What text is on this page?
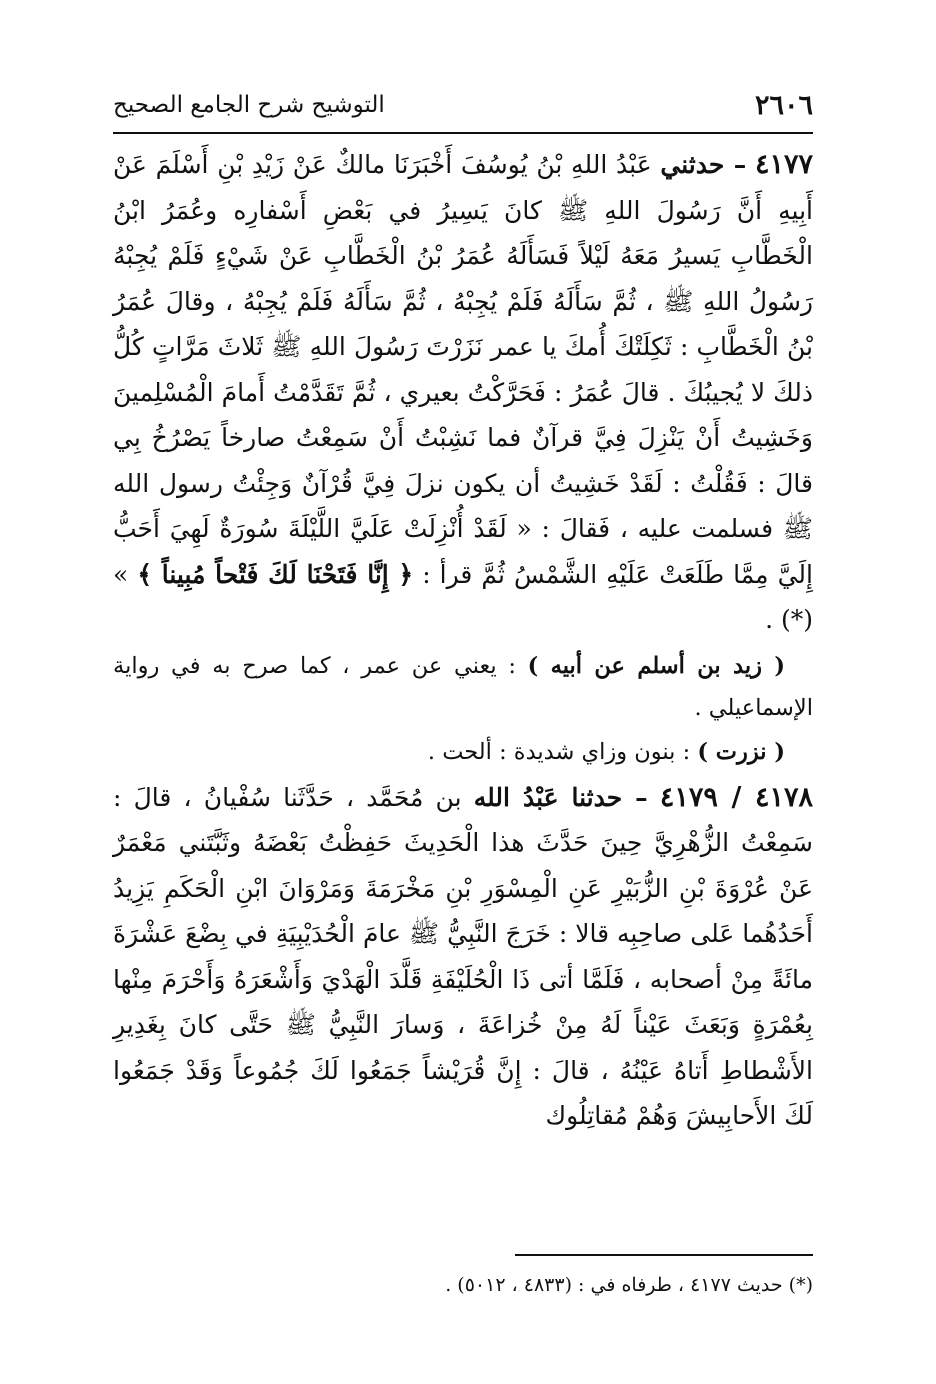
٢٦٠٦
التوشيح شرح الجامع الصحيح

٤١٧٧ – حدثني عَبْدُ اللهِ بْنُ يُوسُفَ أَخْبَرَنَا مالكٌ عَنْ زَيْدِ بْنِ أَسْلَمَ عَنْ أَبِيهِ أَنَّ رَسُولَ اللهِ ﷺ كانَ يَسِيرُ في بَعْضِ أَسْفارِه وعُمَرُ ابْنُ الْخَطَّابِ يَسيرُ مَعَهُ لَيْلاً فَسَأَلَهُ عُمَرُ بْنُ الْخَطَّابِ عَنْ شَيْءٍ فَلَمْ يُجِبْهُ رَسُولُ اللهِ ﷺ ، ثُمَّ سَأَلَهُ فَلَمْ يُجِبْهُ ، ثُمَّ سَأَلَهُ فَلَمْ يُجِبْهُ ، وقالَ عُمَرُ بْنُ الْخَطَّابِ : ثَكِلَتْكَ أُمكَ يا عمر نَزَرْتَ رَسُولَ اللهِ ﷺ ثَلاثَ مَرَّاتٍ كُلُّ ذلكَ لا يُجيبُكَ . قالَ عُمَرُ : فَحَرَّكْتُ بعيري ، ثُمَّ تَقَدَّمْتُ أَمامَ الْمُسْلِمينَ وَخَشِيتُ أَنْ يَنْزِلَ فِيَّ قرآنٌ فما نَشِبْتُ أَنْ سَمِعْتُ صارخاً يَصْرُخُ بِي قالَ : فَقُلْتُ : لَقَدْ خَشِيتُ أن يكون نزلَ فِيَّ قُرْآنٌ وَجِئْتُ رسول الله ﷺ فسلمت عليه ، فَقالَ : « لَقَدْ أُنْزِلَتْ عَلَيَّ اللَّيْلَةَ سُورَةٌ لَهِيَ أَحَبُّ إِلَيَّ مِمَّا طَلَعَتْ عَلَيْهِ الشَّمْسُ ثُمَّ قرأ : ﴿ إِنَّا فَتَحْنَا لَكَ فَتْحاً مُبِيناً ﴾ » (*) .

( زيد بن أسلم عن أبيه ) : يعني عن عمر ، كما صرح به في رواية الإسماعيلي .

( نزرت ) : بنون وزاي شديدة : ألحت .

٤١٧٨ / ٤١٧٩ – حدثنا عَبْدُ الله بن مُحَمَّد ، حَدَّثَنا سُفْيانُ ، قالَ : سَمِعْتُ الزُّهْرِيَّ حِينَ حَدَّثَ هذا الْحَدِيثَ حَفِظْتُ بَعْضَهُ وثَبَّتَني مَعْمَرٌ عَنْ عُرْوَةَ بْنِ الزُّبَيْرِ عَنِ الْمِسْوَرِ بْنِ مَخْرَمَةَ وَمَرْوَانَ ابْنِ الْحَكَمِ يَزِيدُ أَحَدُهُما عَلى صاحِبِه قالا : خَرَجَ النَّبِيُّ ﷺ عامَ الْحُدَيْبِيَةِ في بِضْعَ عَشْرَةَ مائَةً مِنْ أصحابه ، فَلَمَّا أتى ذَا الْحُلَيْفَةِ قَلَّدَ الْهَدْيَ وَأَشْعَرَهُ وَأَحْرَمَ مِنْها بِعُمْرَةٍ وَبَعَثَ عَيْناً لَهُ مِنْ خُزاعَةَ ، وَسارَ النَّبِيُّ ﷺ حَتَّى كانَ بِغَدِيرِ الأَشْطاطِ أَتاهُ عَيْنُهُ ، قالَ : إِنَّ قُرَيْشاً جَمَعُوا لَكَ جُمُوعاً وَقَدْ جَمَعُوا لَكَ الأَحابِيشَ وَهُمْ مُقاتِلُوك

(*) حديث ٤١٧٧ ، طرفاه في : (٤٨٣٣ ، ٥٠١٢) .
